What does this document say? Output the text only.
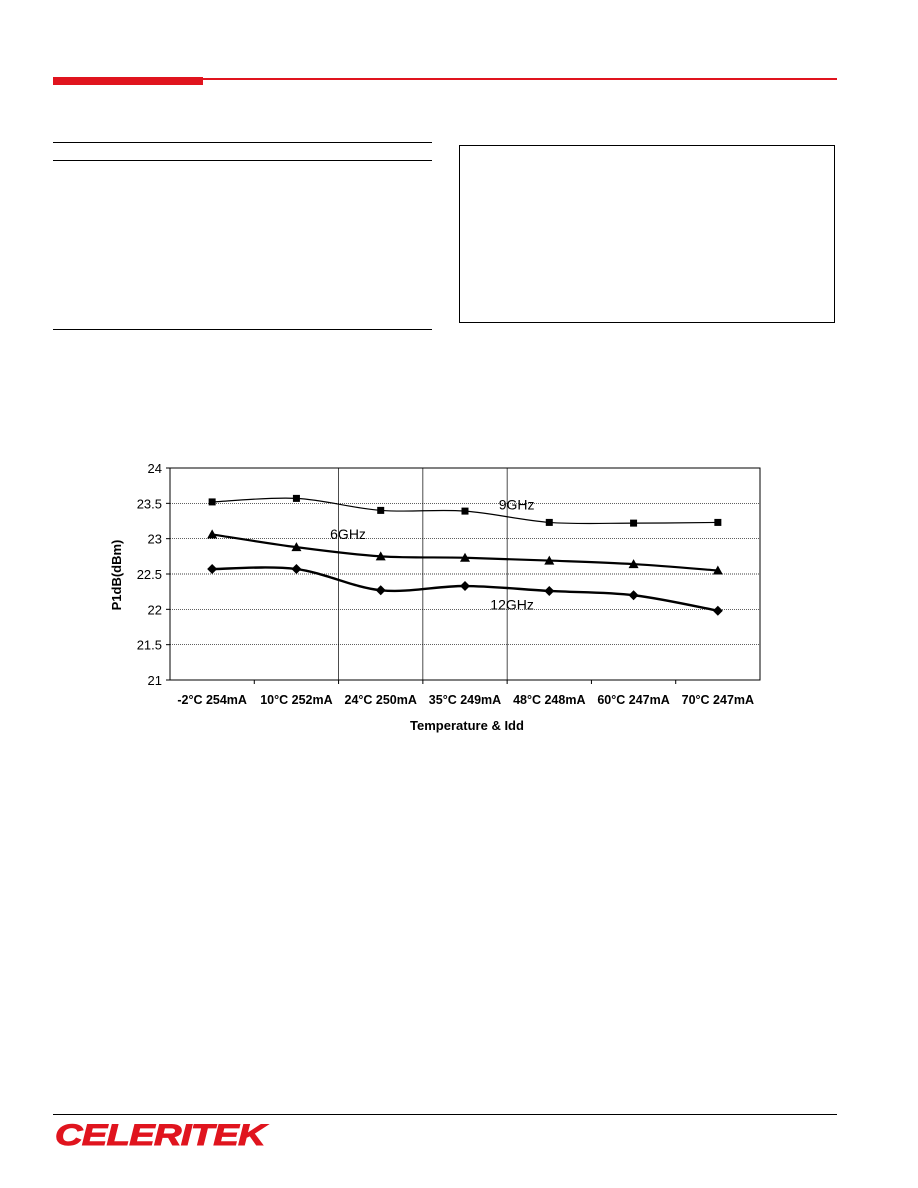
21
21.5
22
22.5
23
23.5
24
-2°C 254mA 10°C 252mA 24°C 250mA 35°C 249mA 48°C 248mA 60°C 247mA 70°C 247mA
9GHz
6GHz
12GHz
Temperature & Idd
P1dB(dBm)
CELERITEK
